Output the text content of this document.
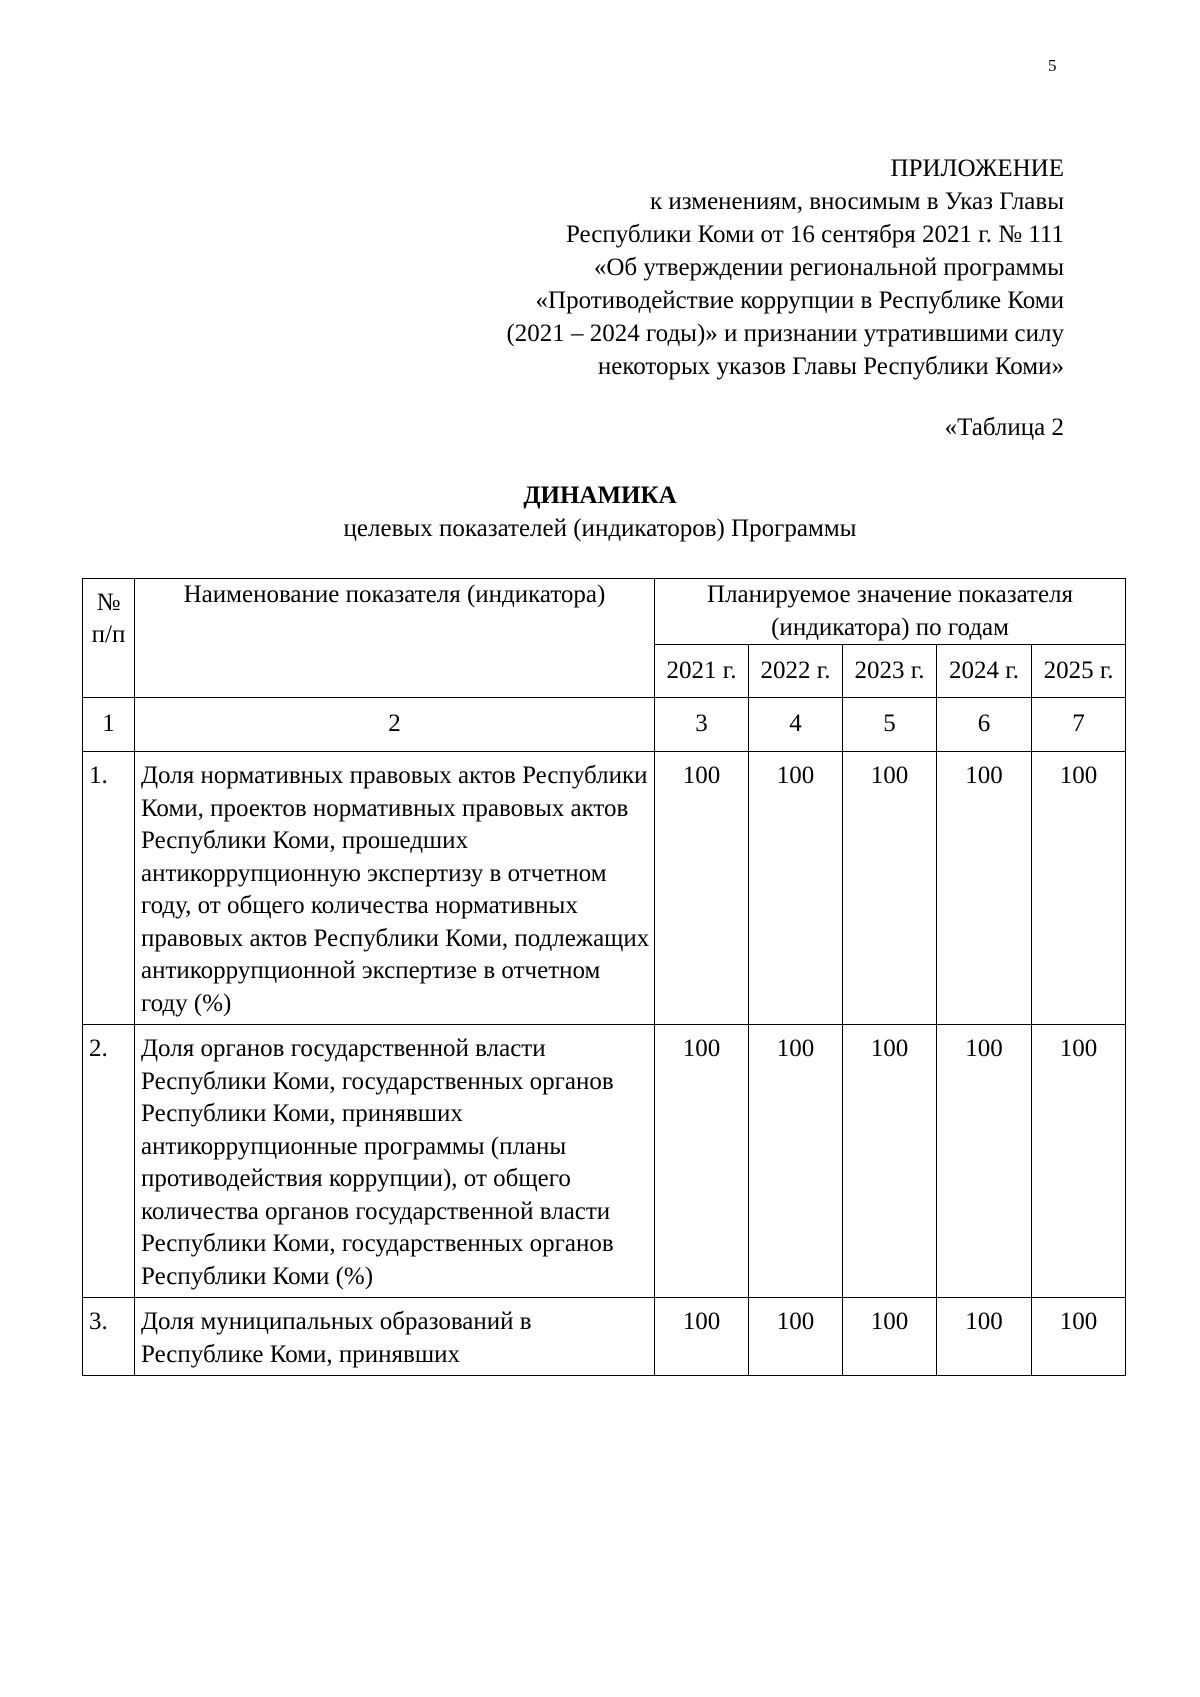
5
ПРИЛОЖЕНИЕ
к изменениям, вносимым в Указ Главы
Республики Коми от 16 сентября 2021 г. № 111
«Об утверждении региональной программы
«Противодействие коррупции в Республике Коми
(2021 – 2024 годы)» и признании утратившими силу
некоторых указов Главы Республики Коми»
«Таблица 2
ДИНАМИКА
целевых показателей (индикаторов) Программы
№
п/п	Наименование показателя (индикатора)	Планируемое значение показателя (индикатора) по годам				
		2021 г.	2022 г.	2023 г.	2024 г.	2025 г.
1	2	3	4	5	6	7
1.	Доля нормативных правовых актов Республики Коми, проектов нормативных правовых актов Республики Коми, прошедших антикоррупционную экспертизу в отчетном году, от общего количества нормативных правовых актов Республики Коми, подлежащих антикоррупционной экспертизе в отчетном году (%)	100	100	100	100	100
2.	Доля органов государственной власти Республики Коми, государственных органов Республики Коми, принявших антикоррупционные программы (планы противодействия коррупции), от общего количества органов государственной власти Республики Коми, государственных органов Республики Коми (%)	100	100	100	100	100
3.	Доля муниципальных образований в Республике Коми, принявших	100	100	100	100	100
